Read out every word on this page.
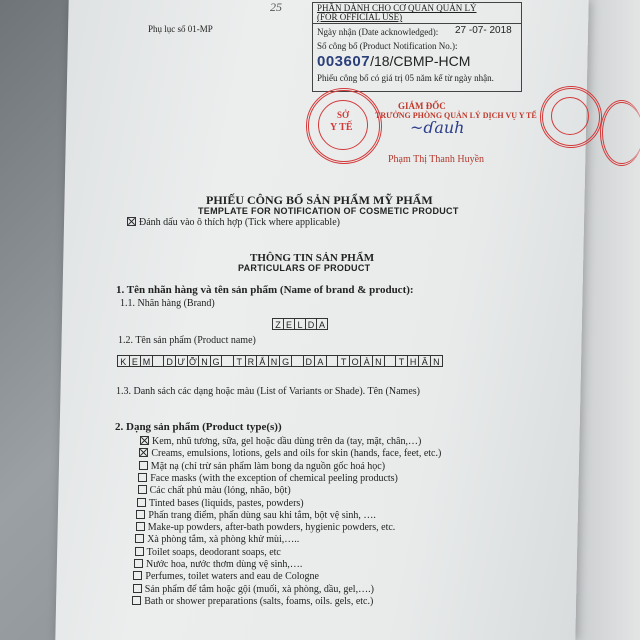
Phụ lục số 01-MP
25	PHẦN DÀNH CHO CƠ QUAN QUẢN LÝ
(FOR OFFICIAL USE)
Ngày nhận (Date acknowledged): 27 -07- 2018
Số công bố (Product Notification No.):
003607/18/CBMP-HCM
Phiếu công bố có giá trị 05 năm kể từ ngày nhận.
GIÁM ĐỐC
TRƯỞNG PHÒNG QUẢN LÝ DỊCH VỤ Y TẾ
~ɗauh
Phạm Thị Thanh Huyền
SỞ
Y TẾ
PHIẾU CÔNG BỐ SẢN PHẨM MỸ PHẨM
TEMPLATE FOR NOTIFICATION OF COSMETIC PRODUCT
Đánh dấu vào ô thích hợp (Tick where applicable)
THÔNG TIN SẢN PHẨM
PARTICULARS OF PRODUCT
1. Tên nhãn hàng và tên sản phẩm (Name of brand & product):
1.1. Nhãn hàng (Brand)
Z E L D A
1.2. Tên sản phẩm (Product name)
K E M	D Ư Ỡ N G	T R Ắ N G	D A	T O À N	T H Â N
1.3. Danh sách các dạng hoặc màu (List of Variants or Shade). Tên (Names)
2. Dạng sản phẩm (Product type(s))
Kem, nhũ tương, sữa, gel hoặc dầu dùng trên da (tay, mặt, chân,…)
Creams, emulsions, lotions, gels and oils for skin (hands, face, feet, etc.)
Mặt nạ (chỉ trừ sản phẩm làm bong da nguồn gốc hoá học)
Face masks (with the exception of chemical peeling products)
Các chất phủ màu (lỏng, nhão, bột)
Tinted bases (liquids, pastes, powders)
Phấn trang điểm, phấn dùng sau khi tắm, bột vệ sinh, ….
Make-up powders, after-bath powders, hygienic powders, etc.
Xà phòng tắm, xà phòng khử mùi,…..
Toilet soaps, deodorant soaps, etc
Nước hoa, nước thơm dùng vệ sinh,….
Perfumes, toilet waters and eau de Cologne
Sản phẩm để tắm hoặc gội (muối, xà phòng, dầu, gel,….)
Bath or shower preparations (salts, foams, oils. gels, etc.)
